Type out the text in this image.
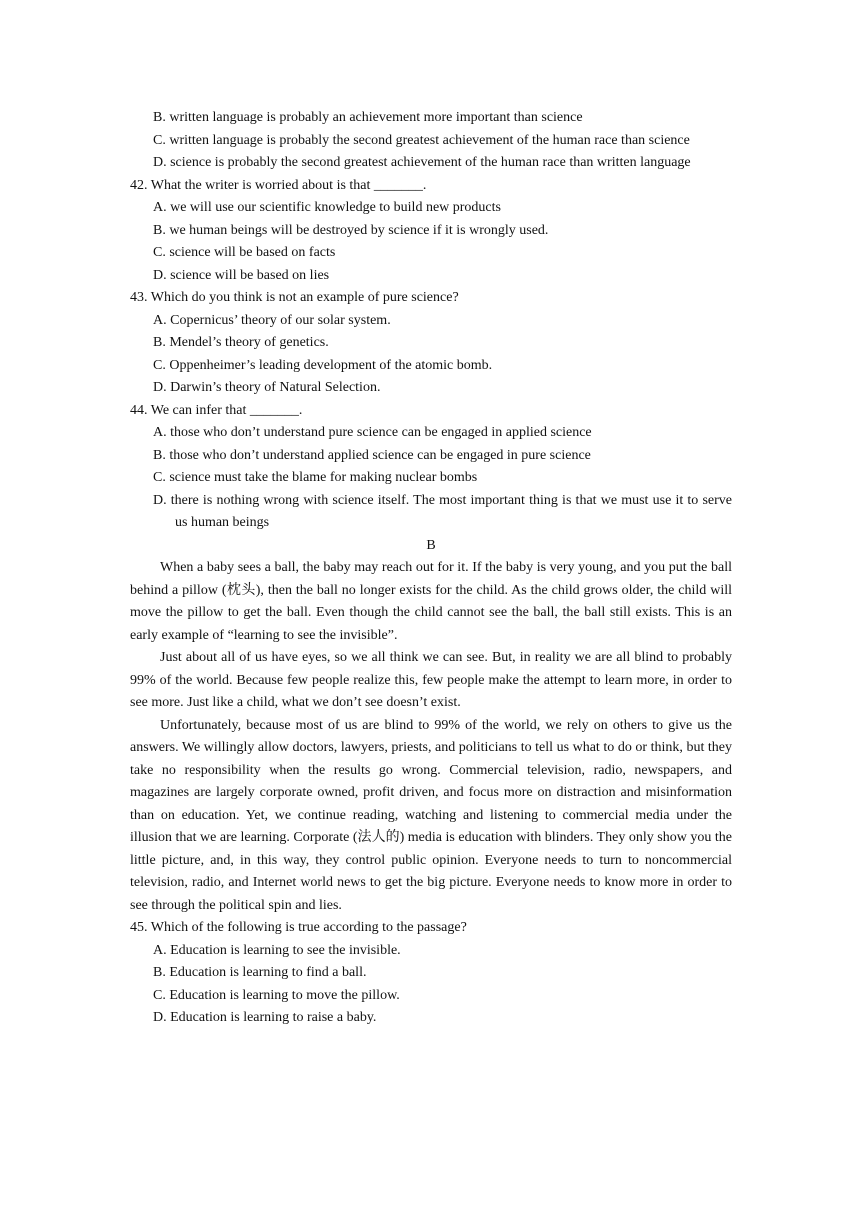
B. written language is probably an achievement more important than science

C. written language is probably the second greatest achievement of the human race than science

D. science is probably the second greatest achievement of the human race than written language

42. What the writer is worried about is that _______.

A. we will use our scientific knowledge to build new products

B. we human beings will be destroyed by science if it is wrongly used.

C. science will be based on facts

D. science will be based on lies

43. Which do you think is not an example of pure science?

A. Copernicus’ theory of our solar system.

B. Mendel’s theory of genetics.

C. Oppenheimer’s leading development of the atomic bomb.

D. Darwin’s theory of Natural Selection.

44. We can infer that _______.

A. those who don’t understand pure science can be engaged in applied science

B. those who don’t understand applied science can be engaged in pure science

C. science must take the blame for making nuclear bombs

D. there is nothing wrong with science itself. The most important thing is that we must use it to serve us human beings

B

When a baby sees a ball, the baby may reach out for it. If the baby is very young, and you put the ball behind a pillow (枕头), then the ball no longer exists for the child. As the child grows older, the child will move the pillow to get the ball. Even though the child cannot see the ball, the ball still exists. This is an early example of “learning to see the invisible”.

Just about all of us have eyes, so we all think we can see. But, in reality we are all blind to probably 99% of the world. Because few people realize this, few people make the attempt to learn more, in order to see more. Just like a child, what we don’t see doesn’t exist.

Unfortunately, because most of us are blind to 99% of the world, we rely on others to give us the answers. We willingly allow doctors, lawyers, priests, and politicians to tell us what to do or think, but they take no responsibility when the results go wrong. Commercial television, radio, newspapers, and magazines are largely corporate owned, profit driven, and focus more on distraction and misinformation than on education. Yet, we continue reading, watching and listening to commercial media under the illusion that we are learning. Corporate (法人的) media is education with blinders. They only show you the little picture, and, in this way, they control public opinion. Everyone needs to turn to noncommercial television, radio, and Internet world news to get the big picture. Everyone needs to know more in order to see through the political spin and lies.

45. Which of the following is true according to the passage?

A. Education is learning to see the invisible.

B. Education is learning to find a ball.

C. Education is learning to move the pillow.

D. Education is learning to raise a baby.
